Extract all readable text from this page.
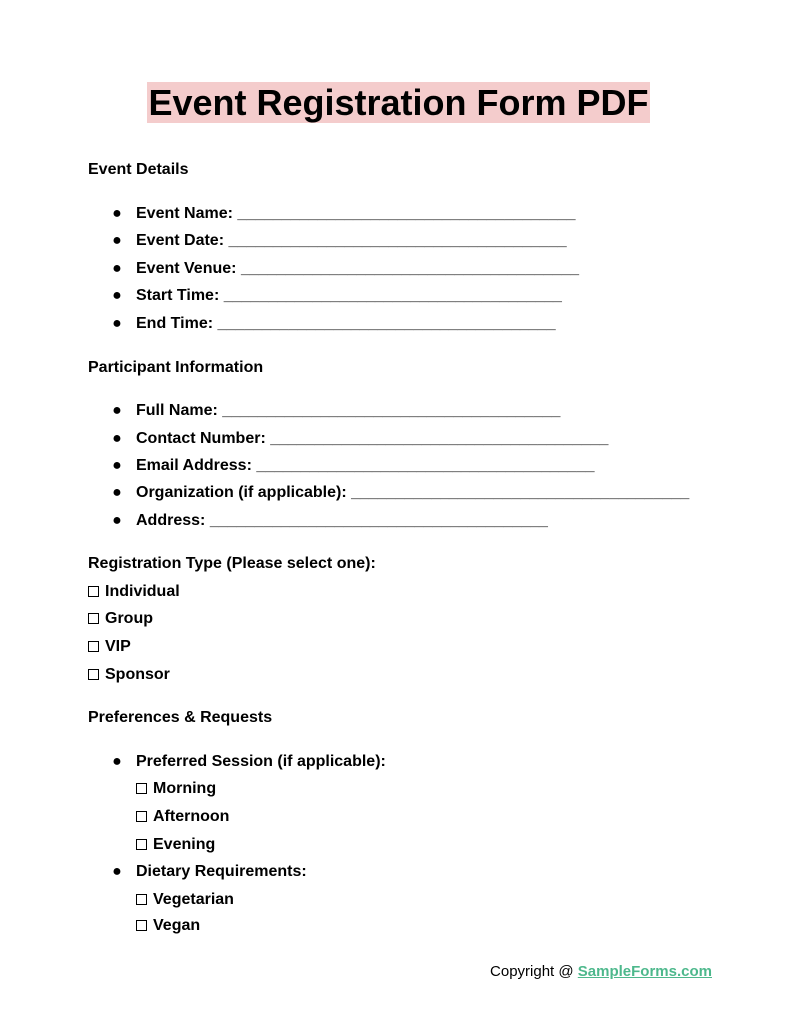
Event Registration Form PDF
Event Details
● Event Name: ______________________________________
● Event Date: ______________________________________
● Event Venue: ______________________________________
● Start Time: ______________________________________
● End Time: ______________________________________
Participant Information
● Full Name: ______________________________________
● Contact Number: ______________________________________
● Email Address: ______________________________________
● Organization (if applicable): ______________________________________
● Address: ______________________________________
Registration Type (Please select one):
Individual
Group
VIP
Sponsor
Preferences & Requests
● Preferred Session (if applicable):
Morning
Afternoon
Evening
● Dietary Requirements:
Vegetarian
Vegan
Copyright @ SampleForms.com
